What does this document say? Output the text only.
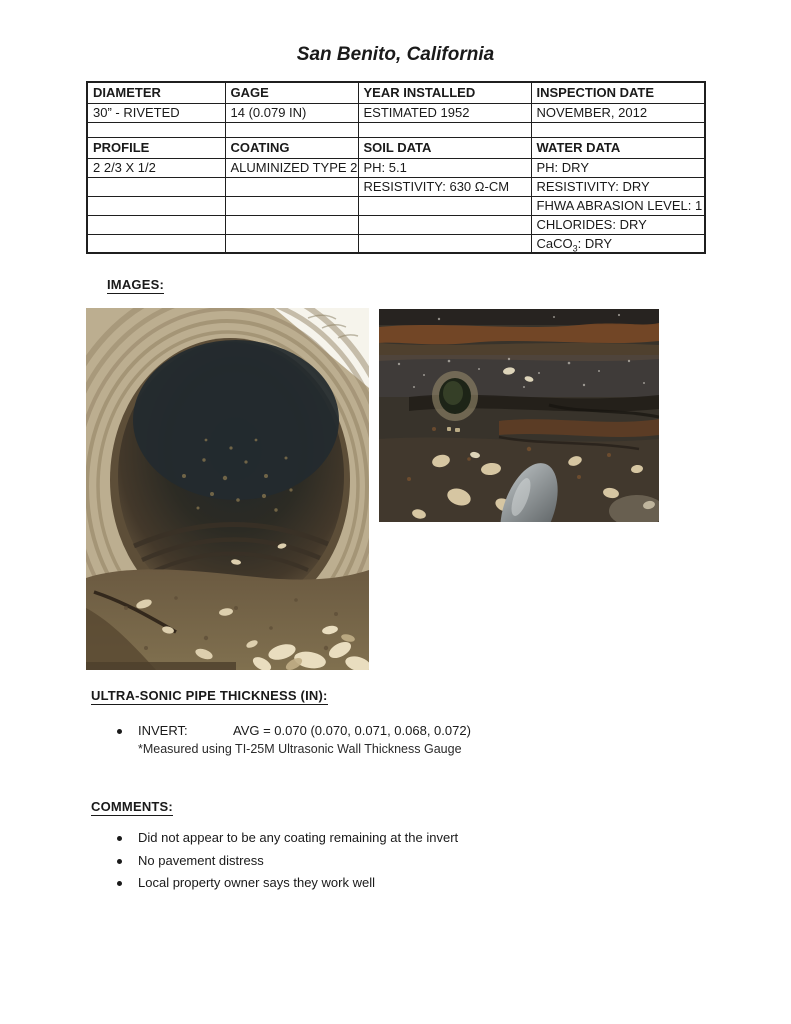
San Benito, California
DIAMETER	GAGE	YEAR INSTALLED	INSPECTION DATE
30” - RIVETED	14 (0.079 IN)	ESTIMATED 1952	NOVEMBER, 2012

PROFILE	COATING	SOIL DATA	WATER DATA
2 2/3 X 1/2	ALUMINIZED TYPE 2	PH: 5.1	PH: DRY
		RESISTIVITY: 630 Ω-CM	RESISTIVITY: DRY
			FHWA ABRASION LEVEL: 1
			CHLORIDES: DRY
			CaCO$_3$: DRY
IMAGES:
ULTRA-SONIC PIPE THICKNESS (IN):
INVERT:	AVG = 0.070 (0.070, 0.071, 0.068, 0.072)
*Measured using TI-25M Ultrasonic Wall Thickness Gauge
COMMENTS:
Did not appear to be any coating remaining at the invert
No pavement distress
Local property owner says they work well
